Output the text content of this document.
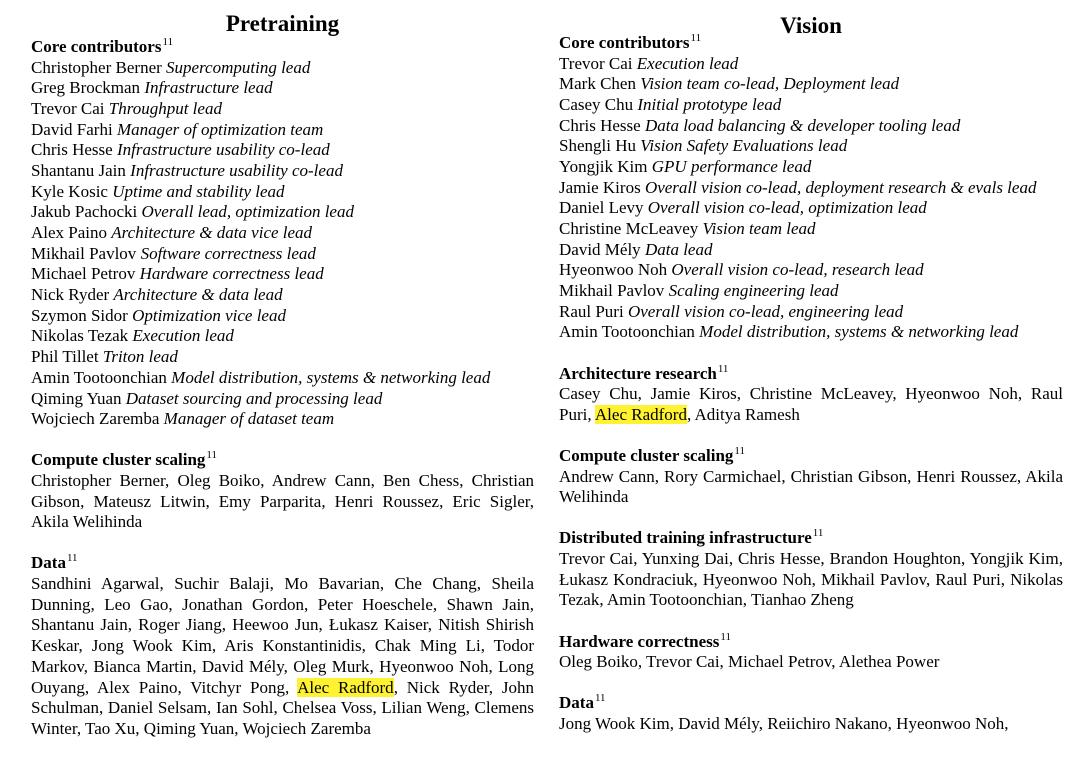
Pretraining
Core contributors$^{11}$
Christopher Berner Supercomputing lead
Greg Brockman Infrastructure lead
Trevor Cai Throughput lead
David Farhi Manager of optimization team
Chris Hesse Infrastructure usability co-lead
Shantanu Jain Infrastructure usability co-lead
Kyle Kosic Uptime and stability lead
Jakub Pachocki Overall lead, optimization lead
Alex Paino Architecture & data vice lead
Mikhail Pavlov Software correctness lead
Michael Petrov Hardware correctness lead
Nick Ryder Architecture & data lead
Szymon Sidor Optimization vice lead
Nikolas Tezak Execution lead
Phil Tillet Triton lead
Amin Tootoonchian Model distribution, systems & networking lead
Qiming Yuan Dataset sourcing and processing lead
Wojciech Zaremba Manager of dataset team
Compute cluster scaling$^{11}$
Christopher Berner, Oleg Boiko, Andrew Cann, Ben Chess, Christian Gibson, Mateusz Litwin, Emy Parparita, Henri Roussez, Eric Sigler, Akila Welihinda
Data$^{11}$
Sandhini Agarwal, Suchir Balaji, Mo Bavarian, Che Chang, Sheila Dunning, Leo Gao, Jonathan Gordon, Peter Hoeschele, Shawn Jain, Shantanu Jain, Roger Jiang, Heewoo Jun, Łukasz Kaiser, Nitish Shirish Keskar, Jong Wook Kim, Aris Konstantinidis, Chak Ming Li, Todor Markov, Bianca Martin, David Mély, Oleg Murk, Hyeonwoo Noh, Long Ouyang, Alex Paino, Vitchyr Pong, Alec Radford, Nick Ryder, John Schulman, Daniel Selsam, Ian Sohl, Chelsea Voss, Lilian Weng, Clemens Winter, Tao Xu, Qiming Yuan, Wojciech Zaremba
Vision
Core contributors$^{11}$
Trevor Cai Execution lead
Mark Chen Vision team co-lead, Deployment lead
Casey Chu Initial prototype lead
Chris Hesse Data load balancing & developer tooling lead
Shengli Hu Vision Safety Evaluations lead
Yongjik Kim GPU performance lead
Jamie Kiros Overall vision co-lead, deployment research & evals lead
Daniel Levy Overall vision co-lead, optimization lead
Christine McLeavey Vision team lead
David Mély Data lead
Hyeonwoo Noh Overall vision co-lead, research lead
Mikhail Pavlov Scaling engineering lead
Raul Puri Overall vision co-lead, engineering lead
Amin Tootoonchian Model distribution, systems & networking lead
Architecture research$^{11}$
Casey Chu, Jamie Kiros, Christine McLeavey, Hyeonwoo Noh, Raul Puri, Alec Radford, Aditya Ramesh
Compute cluster scaling$^{11}$
Andrew Cann, Rory Carmichael, Christian Gibson, Henri Roussez, Akila Welihinda
Distributed training infrastructure$^{11}$
Trevor Cai, Yunxing Dai, Chris Hesse, Brandon Houghton, Yongjik Kim, Łukasz Kondraciuk, Hyeonwoo Noh, Mikhail Pavlov, Raul Puri, Nikolas Tezak, Amin Tootoonchian, Tianhao Zheng
Hardware correctness$^{11}$
Oleg Boiko, Trevor Cai, Michael Petrov, Alethea Power
Data$^{11}$
Jong Wook Kim, David Mély, Reiichiro Nakano, Hyeonwoo Noh,
